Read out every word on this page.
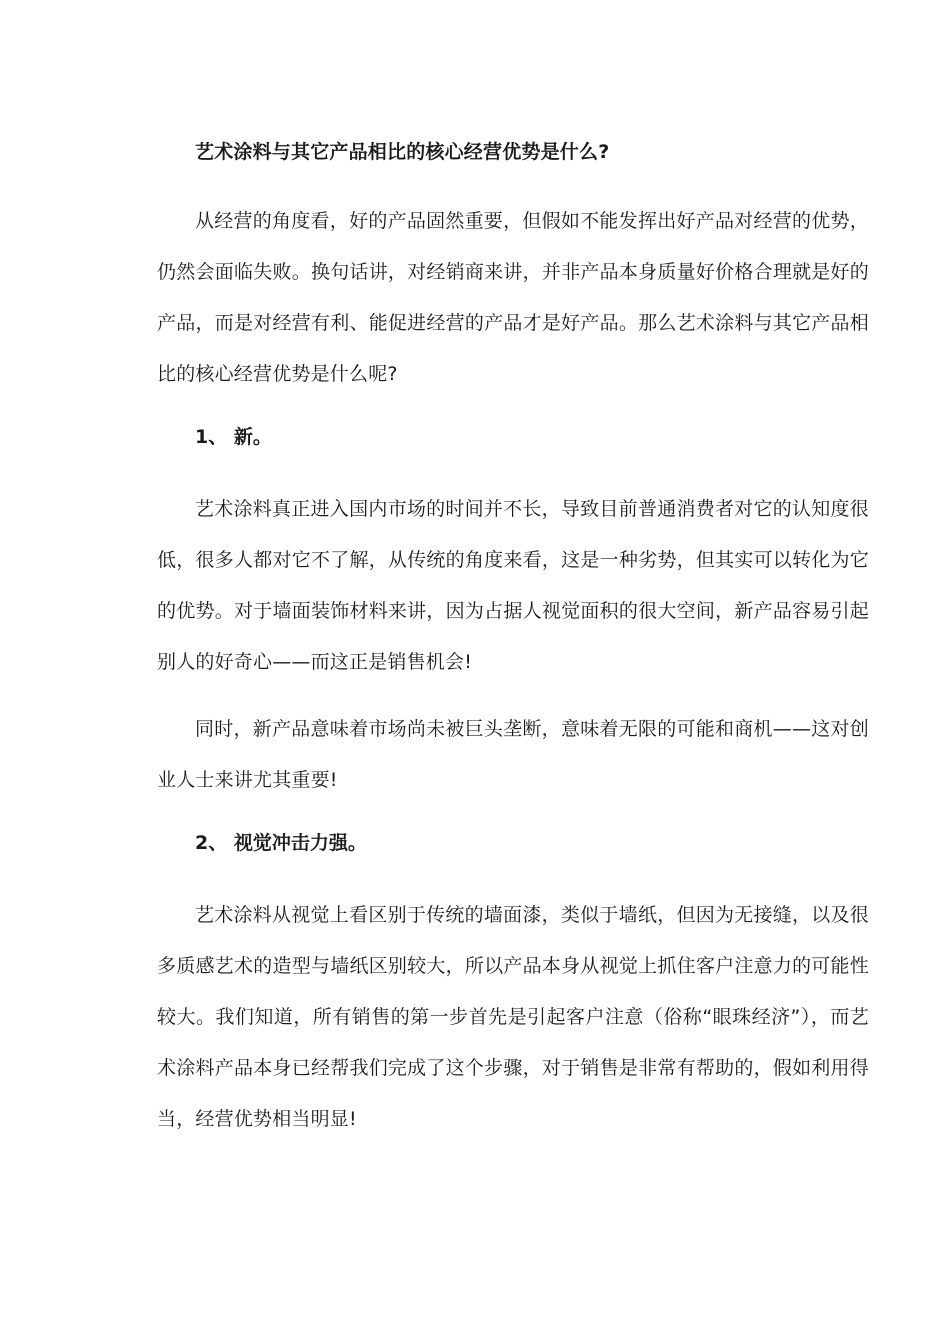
艺术涂料与其它产品相比的核心经营优势是什么?

从经营的角度看，好的产品固然重要，但假如不能发挥出好产品对经营的优势，仍然会面临失败。换句话讲，对经销商来讲，并非产品本身质量好价格合理就是好的产品，而是对经营有利、能促进经营的产品才是好产品。那么艺术涂料与其它产品相比的核心经营优势是什么呢?

1、 新。

艺术涂料真正进入国内市场的时间并不长，导致目前普通消费者对它的认知度很低，很多人都对它不了解，从传统的角度来看，这是一种劣势，但其实可以转化为它的优势。对于墙面装饰材料来讲，因为占据人视觉面积的很大空间，新产品容易引起别人的好奇心——而这正是销售机会!

同时，新产品意味着市场尚未被巨头垄断，意味着无限的可能和商机——这对创业人士来讲尤其重要!

2、 视觉冲击力强。

艺术涂料从视觉上看区别于传统的墙面漆，类似于墙纸，但因为无接缝，以及很多质感艺术的造型与墙纸区别较大，所以产品本身从视觉上抓住客户注意力的可能性较大。我们知道，所有销售的第一步首先是引起客户注意（俗称“眼珠经济”），而艺术涂料产品本身已经帮我们完成了这个步骤，对于销售是非常有帮助的，假如利用得当，经营优势相当明显!
